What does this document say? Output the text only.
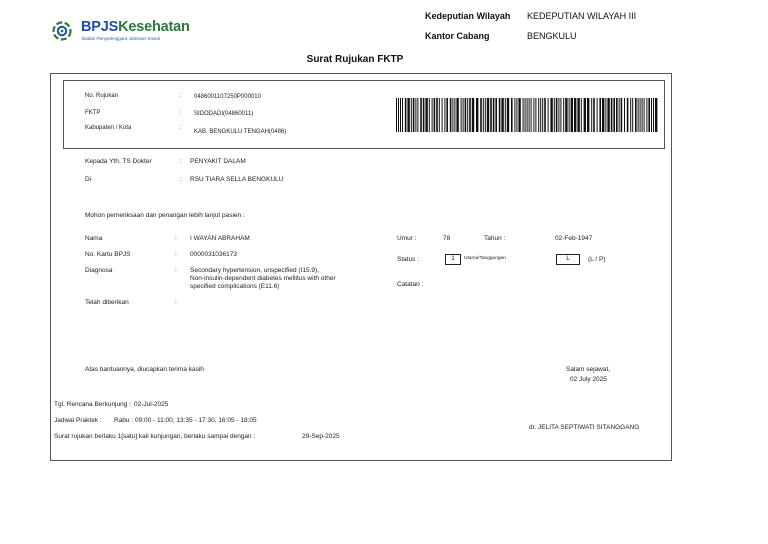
BPJSKesehatan
Badan Penyelenggara Jaminan Sosial
Kedeputian Wilayah KEDEPUTIAN WILAYAH III
Kantor Cabang	BENGKULU
Surat Rujukan FKTP
No. Rujukan	: 0486001107250P000010
FKTP	: SIDODADI(04860011)
Kabupaten / Kota	:
KAB. BENGKULU TENGAH(0486)
Kepada Yth. TS Dokter	: PENYAKIT DALAM
Di	: RSU TIARA SELLA BENGKULU
Mohon pemeriksaan dan penangan lebih lanjut pasien :
Nama	: I WAYAN ABRAHAM
No. Kartu BPJS	: 0000031036173
Diagnosa	: Secondary hypertension, unspecified (I15.9),
Non-insulin-dependent diabetes mellitus with other
specified complications (E11.6)
Telah diberikan	:
Umur :	78	Tahun :	02-Feb-1947
Status :	1	Utama/Tanggungan	L	(L / P)
Catatan :
Atas bantuannya, diucapkan terima kasih	Salam sejawat,
02 July 2025
dr. JELITA SEPTIWATI SITANGGANG
Tgl. Rencana Berkunjung : 02-Jul-2025
Jadwal Praktek : Rabu : 09:00 - 11:00, 13:35 - 17:30, 16:05 - 18:05
Surat rujukan berlaku 1[satu] kali kunjungan, berlaku sampai dengan :	29-Sep-2025
